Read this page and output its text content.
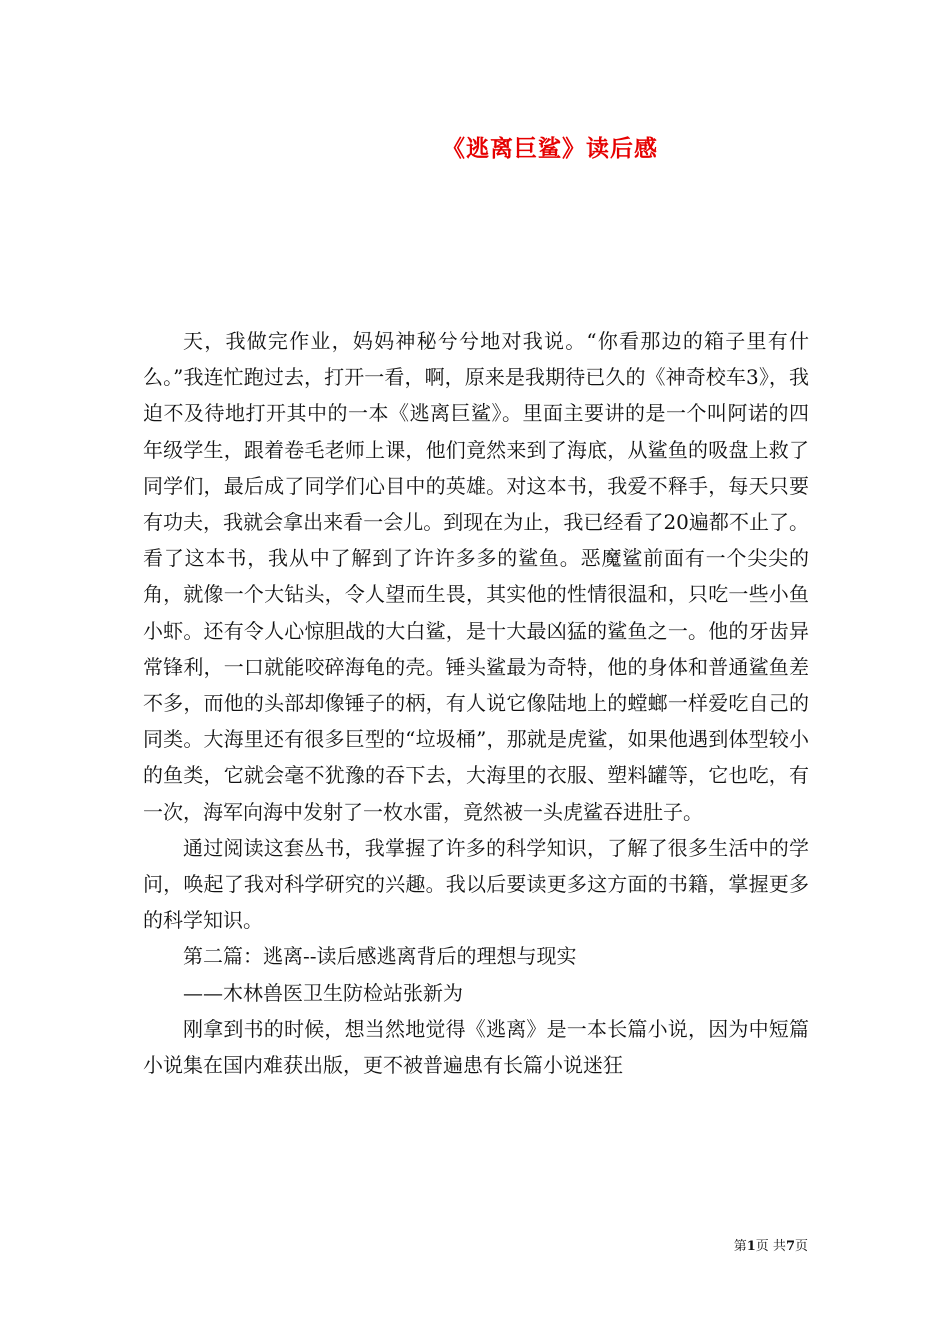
《逃离巨鲨》读后感

天，我做完作业，妈妈神秘兮兮地对我说。“你看那边的箱子里有什么。”我连忙跑过去，打开一看，啊，原来是我期待已久的《神奇校车3》，我迫不及待地打开其中的一本《逃离巨鲨》。里面主要讲的是一个叫阿诺的四年级学生，跟着卷毛老师上课，他们竟然来到了海底，从鲨鱼的吸盘上救了同学们，最后成了同学们心目中的英雄。对这本书，我爱不释手，每天只要有功夫，我就会拿出来看一会儿。到现在为止，我已经看了20遍都不止了。看了这本书，我从中了解到了许许多多的鲨鱼。恶魔鲨前面有一个尖尖的角，就像一个大钻头，令人望而生畏，其实他的性情很温和，只吃一些小鱼小虾。还有令人心惊胆战的大白鲨，是十大最凶猛的鲨鱼之一。他的牙齿异常锋利，一口就能咬碎海龟的壳。锤头鲨最为奇特，他的身体和普通鲨鱼差不多，而他的头部却像锤子的柄，有人说它像陆地上的螳螂一样爱吃自己的同类。大海里还有很多巨型的“垃圾桶”，那就是虎鲨，如果他遇到体型较小的鱼类，它就会毫不犹豫的吞下去，大海里的衣服、塑料罐等，它也吃，有一次，海军向海中发射了一枚水雷，竟然被一头虎鲨吞进肚子。

通过阅读这套丛书，我掌握了许多的科学知识，了解了很多生活中的学问，唤起了我对科学研究的兴趣。我以后要读更多这方面的书籍，掌握更多的科学知识。

第二篇：逃离--读后感逃离背后的理想与现实

——木林兽医卫生防检站张新为

刚拿到书的时候，想当然地觉得《逃离》是一本长篇小说，因为中短篇小说集在国内难获出版，更不被普遍患有长篇小说迷狂

第1页 共7页
